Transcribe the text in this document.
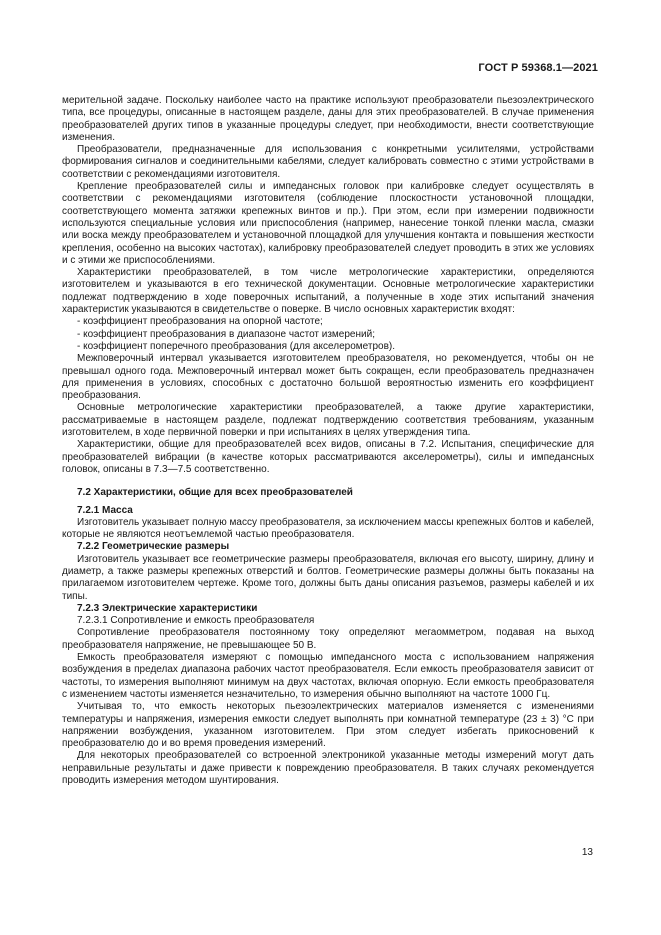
ГОСТ Р 59368.1—2021

мерительной задаче. Поскольку наиболее часто на практике используют преобразователи пьезоэлектрического типа, все процедуры, описанные в настоящем разделе, даны для этих преобразователей. В случае применения преобразователей других типов в указанные процедуры следует, при необходимости, внести соответствующие изменения.

Преобразователи, предназначенные для использования с конкретными усилителями, устройствами формирования сигналов и соединительными кабелями, следует калибровать совместно с этими устройствами в соответствии с рекомендациями изготовителя.

Крепление преобразователей силы и импедансных головок при калибровке следует осуществлять в соответствии с рекомендациями изготовителя (соблюдение плоскостности установочной площадки, соответствующего момента затяжки крепежных винтов и пр.). При этом, если при измерении подвижности используются специальные условия или приспособления (например, нанесение тонкой пленки масла, смазки или воска между преобразователем и установочной площадкой для улучшения контакта и повышения жесткости крепления, особенно на высоких частотах), калибровку преобразователей следует проводить в этих же условиях и с этими же приспособлениями.

Характеристики преобразователей, в том числе метрологические характеристики, определяются изготовителем и указываются в его технической документации. Основные метрологические характеристики подлежат подтверждению в ходе поверочных испытаний, а полученные в ходе этих испытаний значения характеристик указываются в свидетельстве о поверке. В число основных характеристик входят:

- коэффициент преобразования на опорной частоте;

- коэффициент преобразования в диапазоне частот измерений;

- коэффициент поперечного преобразования (для акселерометров).

Межповерочный интервал указывается изготовителем преобразователя, но рекомендуется, чтобы он не превышал одного года. Межповерочный интервал может быть сокращен, если преобразователь предназначен для применения в условиях, способных с достаточно большой вероятностью изменить его коэффициент преобразования.

Основные метрологические характеристики преобразователей, а также другие характеристики, рассматриваемые в настоящем разделе, подлежат подтверждению соответствия требованиям, указанным изготовителем, в ходе первичной поверки и при испытаниях в целях утверждения типа.

Характеристики, общие для преобразователей всех видов, описаны в 7.2. Испытания, специфические для преобразователей вибрации (в качестве которых рассматриваются акселерометры), силы и импедансных головок, описаны в 7.3—7.5 соответственно.

7.2 Характеристики, общие для всех преобразователей
7.2.1 Масса

Изготовитель указывает полную массу преобразователя, за исключением массы крепежных болтов и кабелей, которые не являются неотъемлемой частью преобразователя.

7.2.2 Геометрические размеры

Изготовитель указывает все геометрические размеры преобразователя, включая его высоту, ширину, длину и диаметр, а также размеры крепежных отверстий и болтов. Геометрические размеры должны быть показаны на прилагаемом изготовителем чертеже. Кроме того, должны быть даны описания разъемов, размеры кабелей и их типы.

7.2.3 Электрические характеристики
7.2.3.1 Сопротивление и емкость преобразователя

Сопротивление преобразователя постоянному току определяют мегаомметром, подавая на выход преобразователя напряжение, не превышающее 50 В.

Емкость преобразователя измеряют с помощью импедансного моста с использованием напряжения возбуждения в пределах диапазона рабочих частот преобразователя. Если емкость преобразователя зависит от частоты, то измерения выполняют минимум на двух частотах, включая опорную. Если емкость преобразователя с изменением частоты изменяется незначительно, то измерения обычно выполняют на частоте 1000 Гц.

Учитывая то, что емкость некоторых пьезоэлектрических материалов изменяется с изменениями температуры и напряжения, измерения емкости следует выполнять при комнатной температуре (23 ± 3) °С при напряжении возбуждения, указанном изготовителем. При этом следует избегать прикосновений к преобразователю до и во время проведения измерений.

Для некоторых преобразователей со встроенной электроникой указанные методы измерений могут дать неправильные результаты и даже привести к повреждению преобразователя. В таких случаях рекомендуется проводить измерения методом шунтирования.

13
